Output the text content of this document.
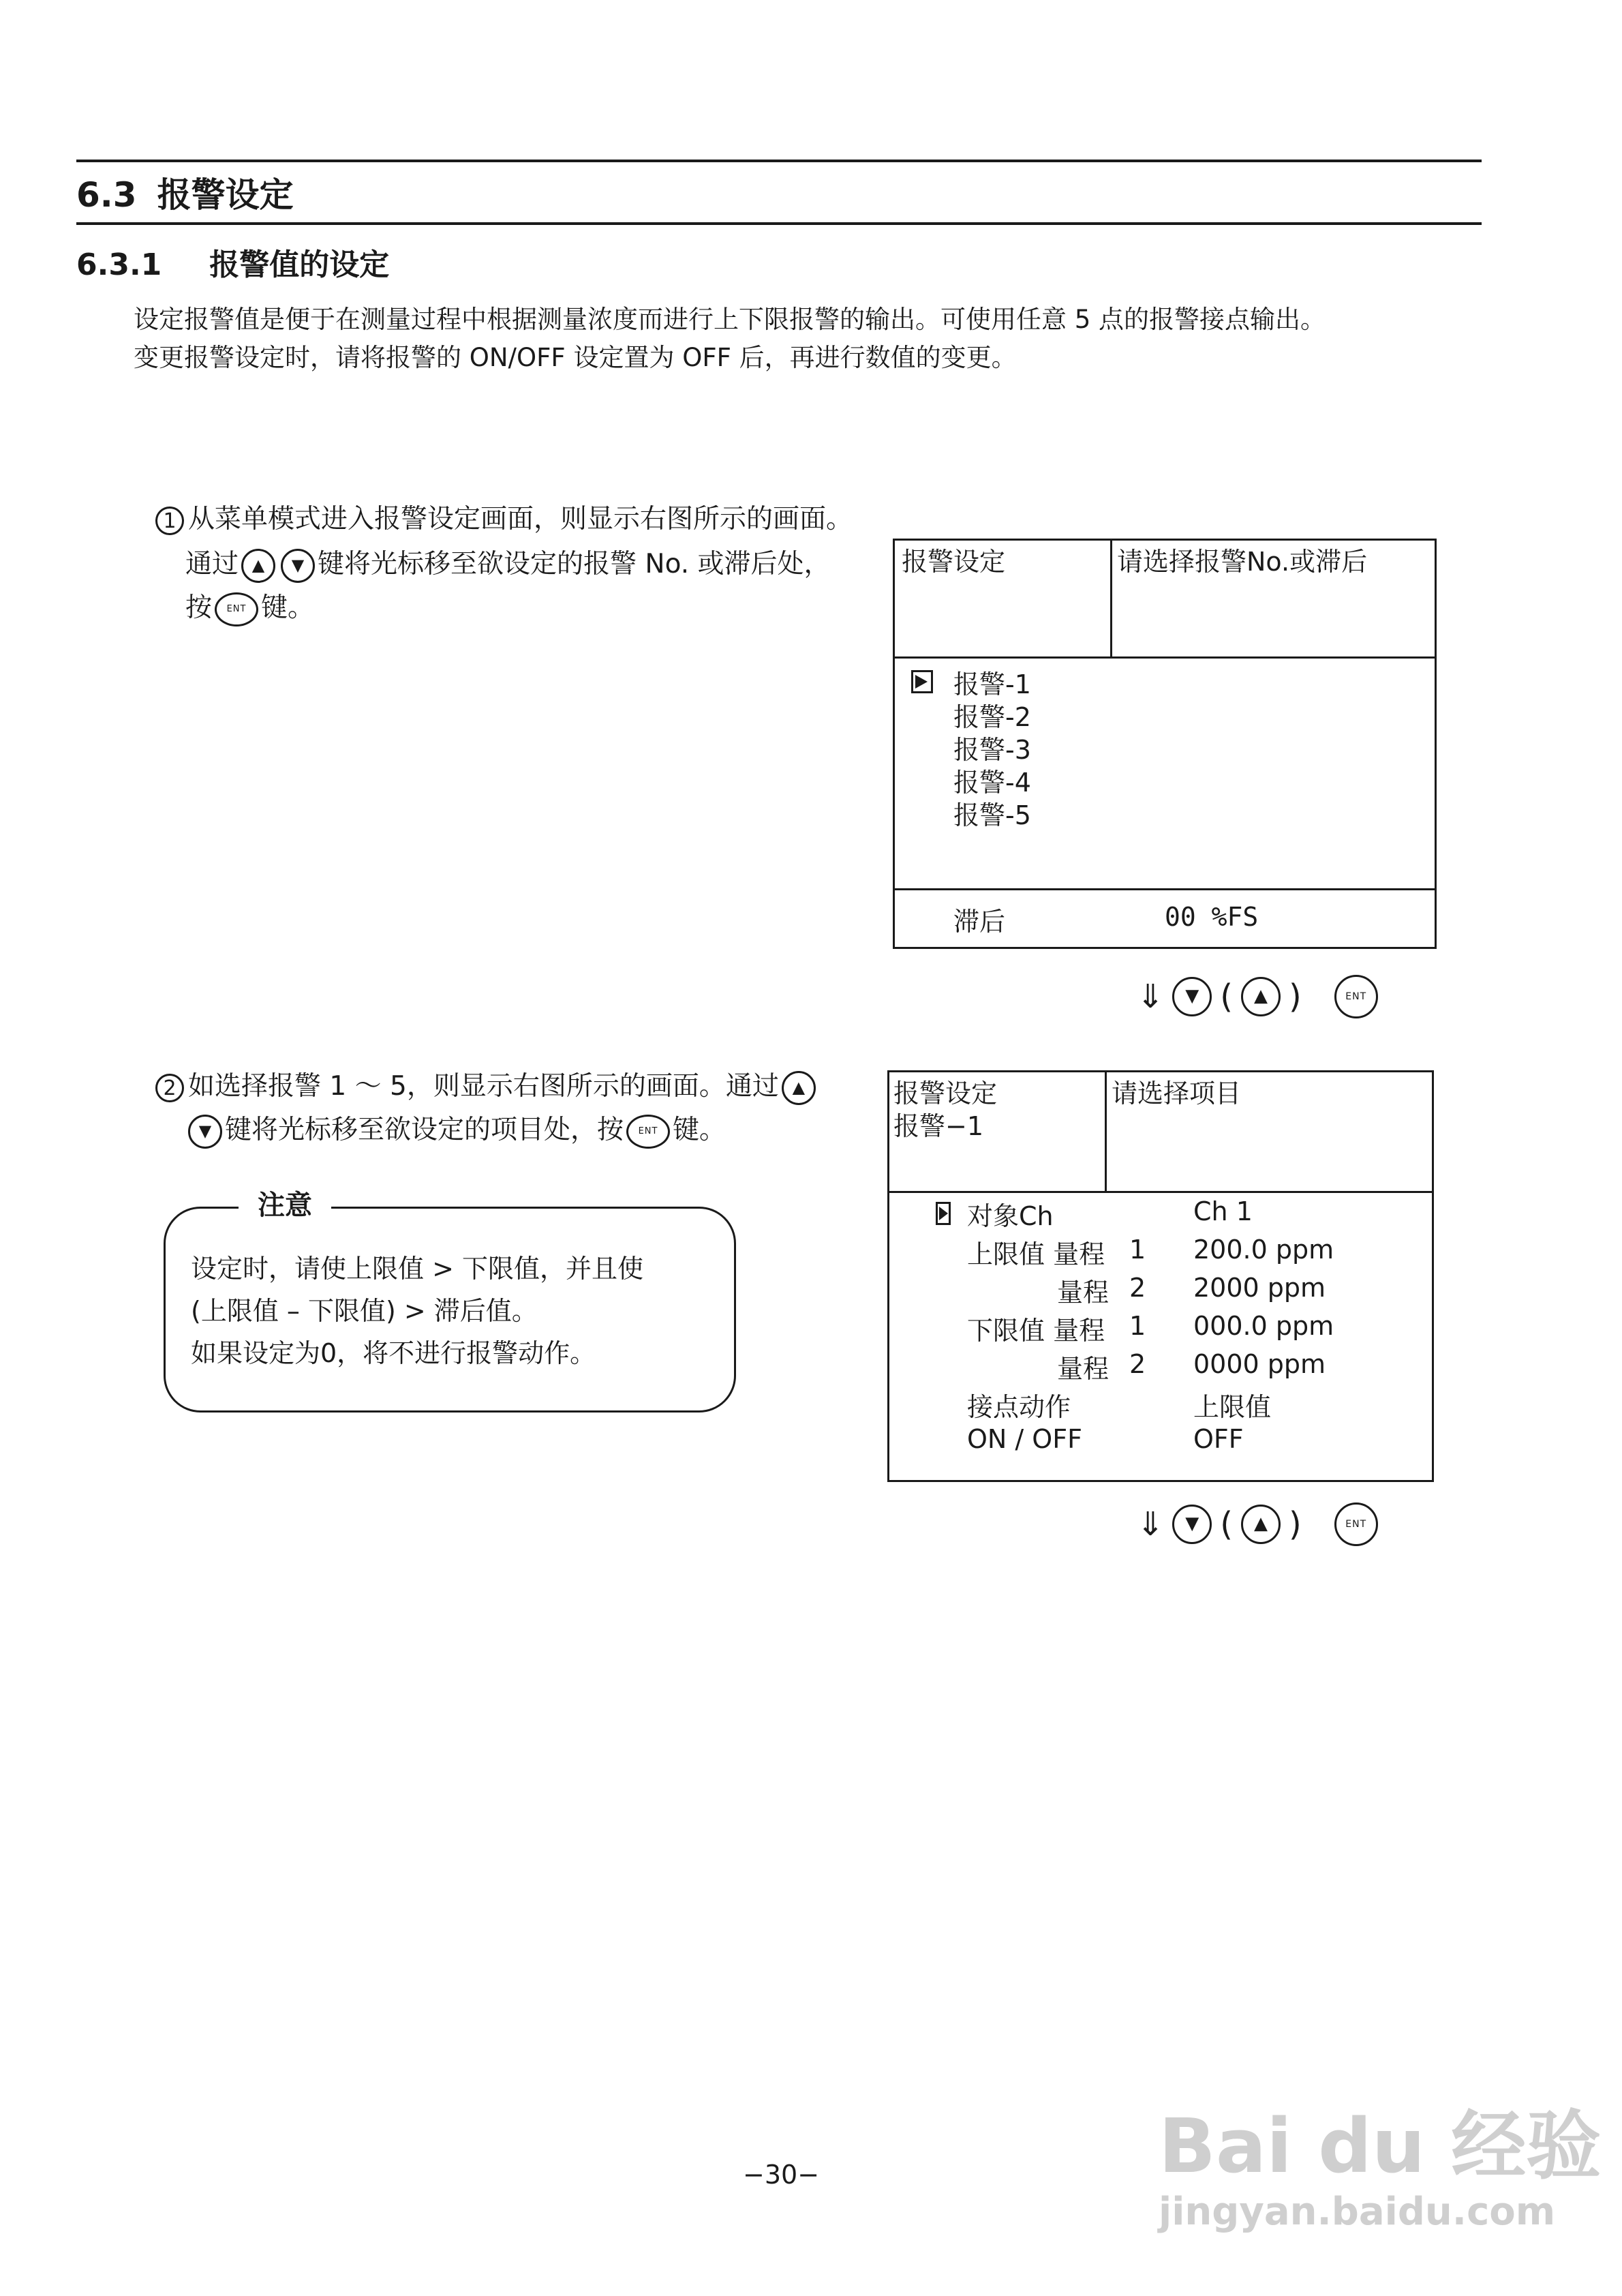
6.3 报警设定
6.3.1 报警值的设定
设定报警值是便于在测量过程中根据测量浓度而进行上下限报警的输出。可使用任意 5 点的报警接点输出。
变更报警设定时，请将报警的 ON/OFF 设定置为 OFF 后，再进行数值的变更。
1 从菜单模式进入报警设定画面，则显示右图所示的画面。
通过 ▲ ▼ 键将光标移至欲设定的报警 No. 或滞后处，
按 ENT 键。
报警设定	请选择报警No.或滞后
报警-1
报警-2
报警-3
报警-4
报警-5
滞后	00 %FS
⇓	▼ (	▲ )	ENT
2 如选择报警 1 ～ 5，则显示右图所示的画面。通过 ▲
▼ 键将光标移至欲设定的项目处，按 ENT 键。
注意
设定时，请使上限值 > 下限值，并且使
(上限值 – 下限值) > 滞后值。
如果设定为0，将不进行报警动作。
报警设定
报警−1
请选择项目
对象Ch	Ch 1
上限值 量程 1 200.0 ppm
量程 2 2000 ppm
下限值 量程 1 000.0 ppm
量程 2 0000 ppm
接点动作	上限值
ON / OFF	OFF
⇓	▼ (	▲ )	ENT
−30−	Bai du 经验
jingyan.baidu.com
